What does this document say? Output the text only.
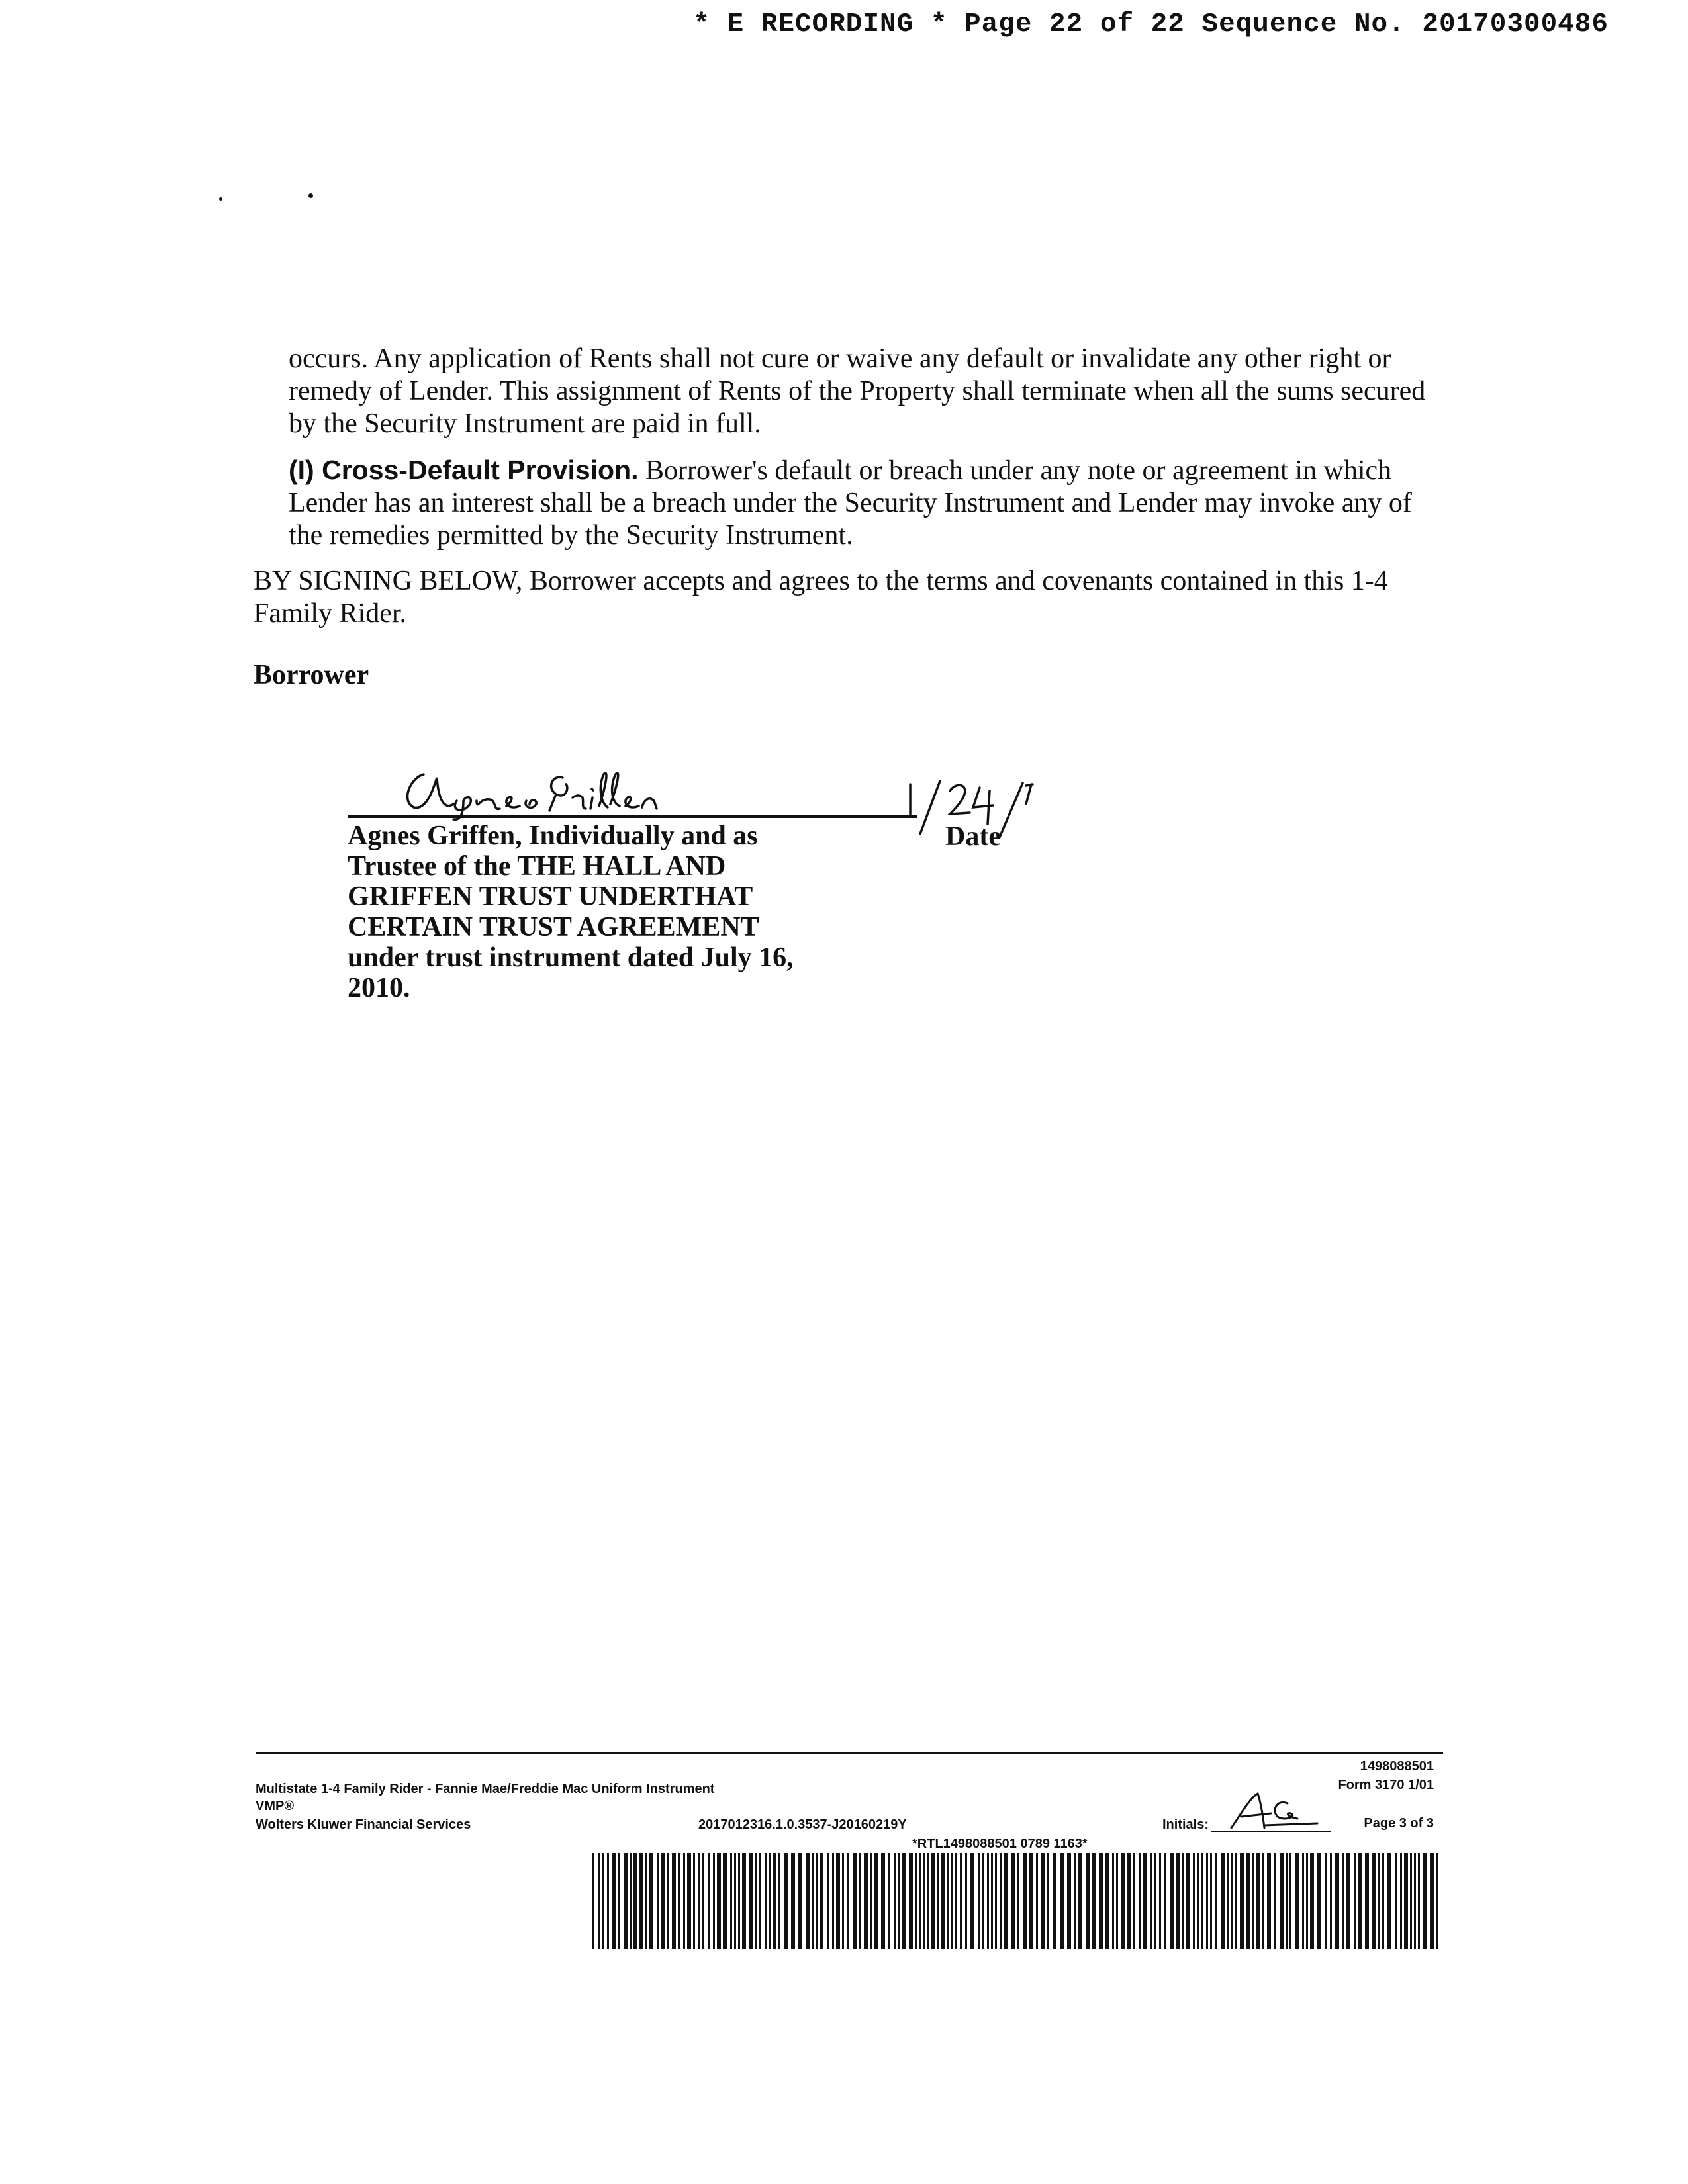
* E RECORDING * Page 22 of 22 Sequence No. 20170300486
occurs. Any application of Rents shall not cure or waive any default or invalidate any other right or remedy of Lender. This assignment of Rents of the Property shall terminate when all the sums secured by the Security Instrument are paid in full.
(I) Cross-Default Provision. Borrower's default or breach under any note or agreement in which Lender has an interest shall be a breach under the Security Instrument and Lender may invoke any of the remedies permitted by the Security Instrument.
BY SIGNING BELOW, Borrower accepts and agrees to the terms and covenants contained in this 1-4 Family Rider.
Borrower
Agnes Griffen, Individually and as
Trustee of the THE HALL AND
GRIFFEN TRUST UNDERTHAT
CERTAIN TRUST AGREEMENT
under trust instrument dated July 16,
2010.
Date
Multistate 1-4 Family Rider - Fannie Mae/Freddie Mac Uniform Instrument
VMP®
Wolters Kluwer Financial Services	2017012316.1.0.3537-J20160219Y
1498088501
Form 3170 1/01
Initials:	Page 3 of 3
*RTL1498088501 0789 1163*
